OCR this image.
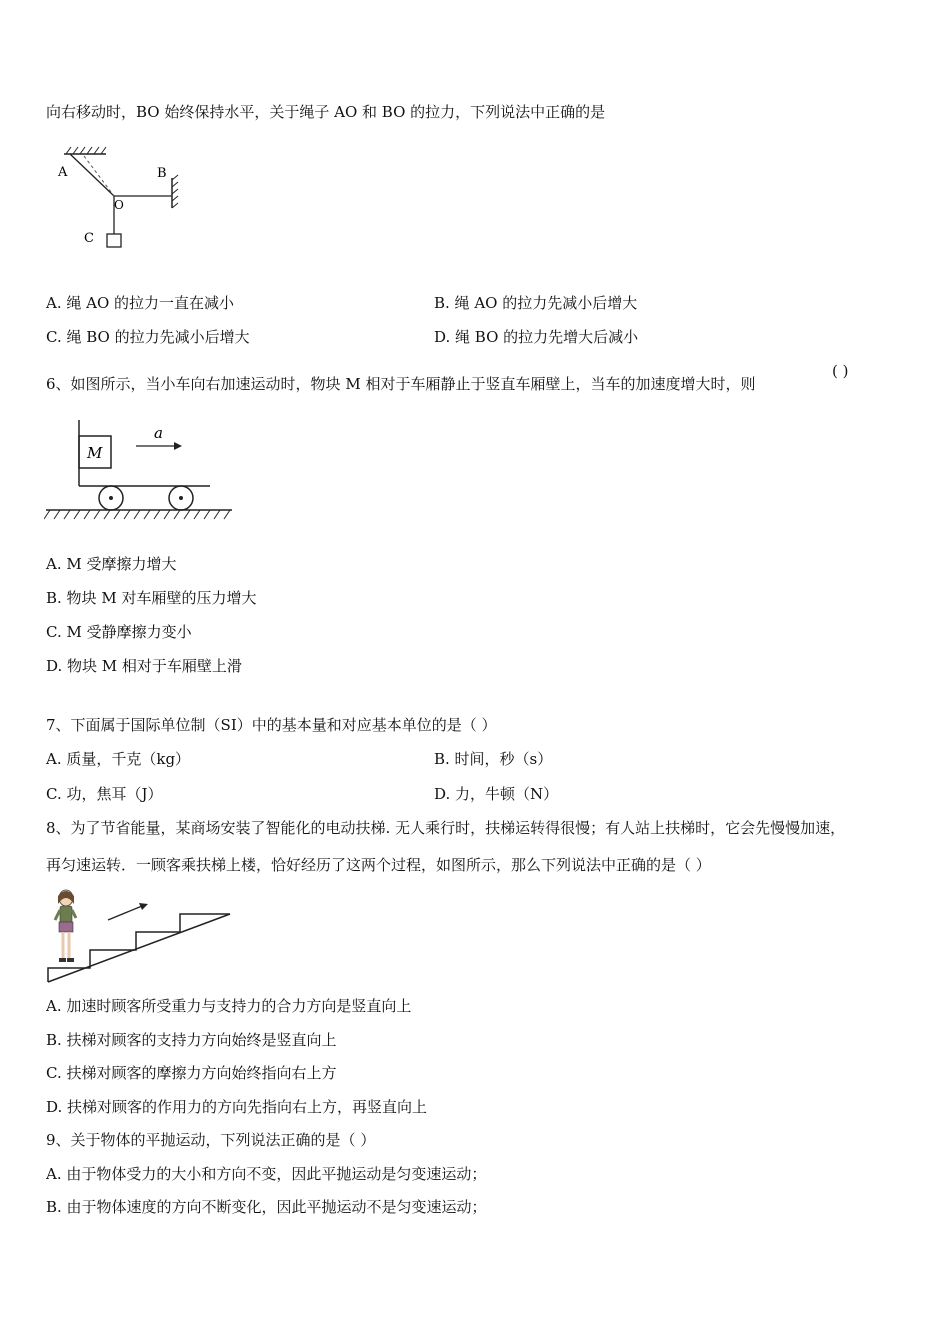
向右移动时，BO 始终保持水平，关于绳子 AO 和 BO 的拉力，下列说法中正确的是
A	B
O
C
A. 绳 AO 的拉力一直在减小	B. 绳 AO 的拉力先减小后增大
C. 绳 BO 的拉力先减小后增大	D. 绳 BO 的拉力先增大后减小
6、如图所示，当小车向右加速运动时，物块 M 相对于车厢静止于竖直车厢壁上，当车的加速度增大时，则
( )
M
a
A. M 受摩擦力增大
B. 物块 M 对车厢壁的压力增大
C. M 受静摩擦力变小
D. 物块 M 相对于车厢壁上滑
7、下面属于国际单位制（SI）中的基本量和对应基本单位的是（ ）
A. 质量，千克（kg）	B. 时间，秒（s）
C. 功，焦耳（J）	D. 力，牛顿（N）
8、为了节省能量，某商场安装了智能化的电动扶梯. 无人乘行时，扶梯运转得很慢；有人站上扶梯时，它会先慢慢加速，
再匀速运转．一顾客乘扶梯上楼，恰好经历了这两个过程，如图所示，那么下列说法中正确的是（ ）
A. 加速时顾客所受重力与支持力的合力方向是竖直向上
B. 扶梯对顾客的支持力方向始终是竖直向上
C. 扶梯对顾客的摩擦力方向始终指向右上方
D. 扶梯对顾客的作用力的方向先指向右上方，再竖直向上
9、关于物体的平抛运动，下列说法正确的是（ ）
A. 由于物体受力的大小和方向不变，因此平抛运动是匀变速运动；
B. 由于物体速度的方向不断变化，因此平抛运动不是匀变速运动；
